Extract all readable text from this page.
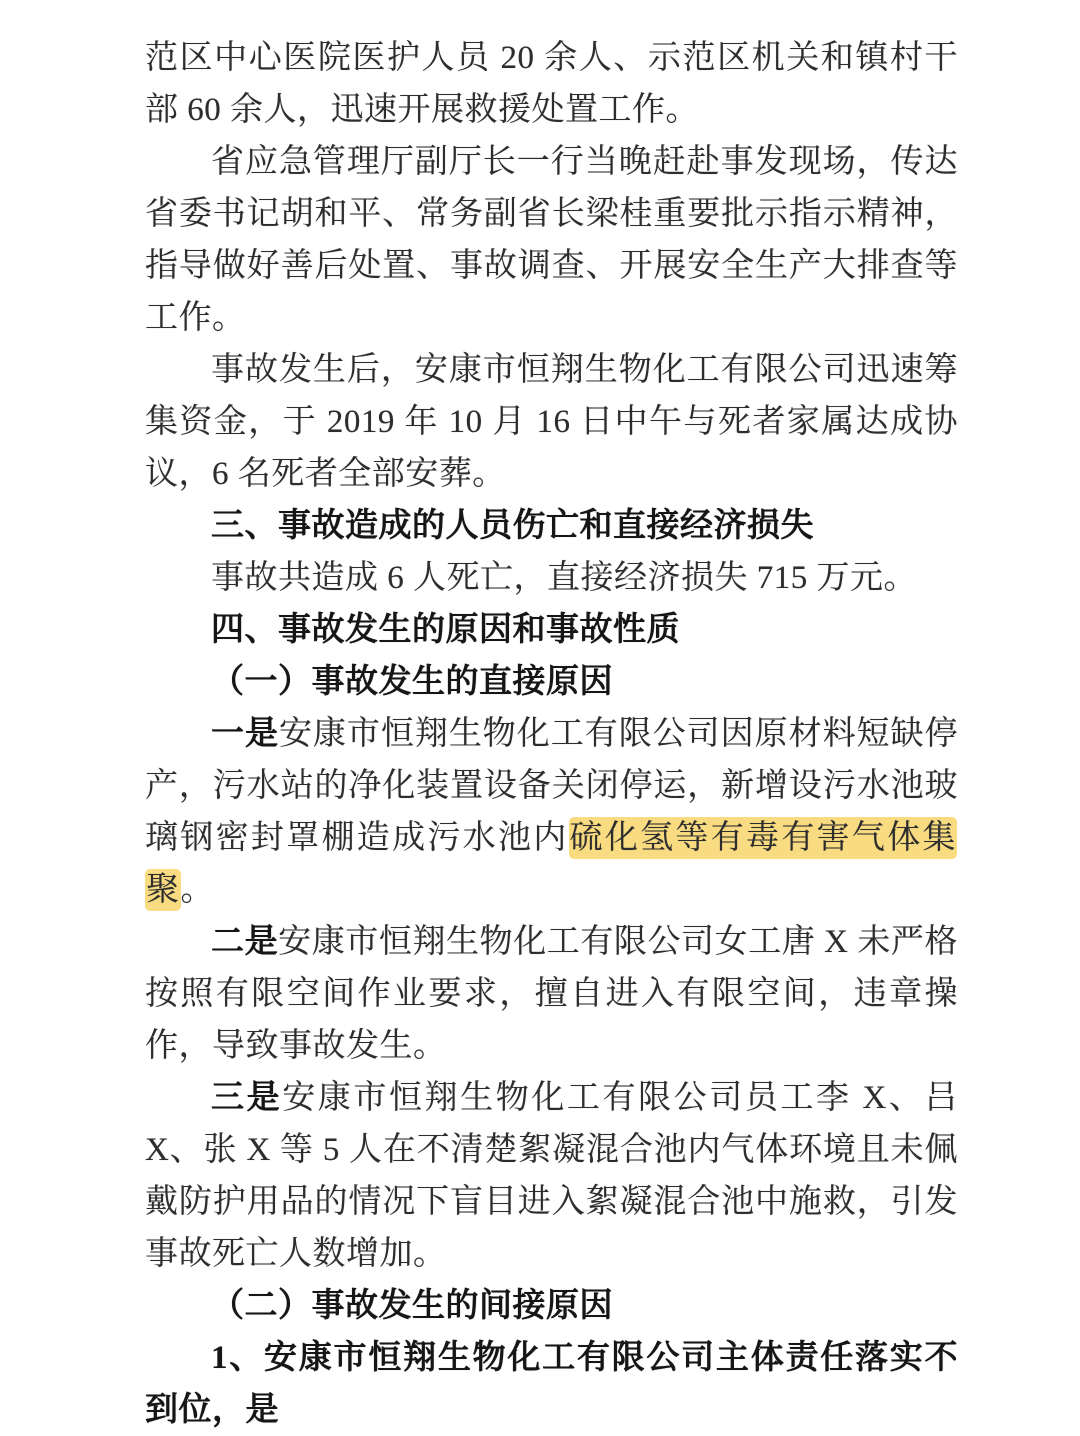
范区中心医院医护人员 20 余人、示范区机关和镇村干部 60 余人，迅速开展救援处置工作。

省应急管理厅副厅长一行当晚赶赴事发现场，传达省委书记胡和平、常务副省长梁桂重要批示指示精神，指导做好善后处置、事故调查、开展安全生产大排查等工作。

事故发生后，安康市恒翔生物化工有限公司迅速筹集资金，于 2019 年 10 月 16 日中午与死者家属达成协议，6 名死者全部安葬。

三、事故造成的人员伤亡和直接经济损失

事故共造成 6 人死亡，直接经济损失 715 万元。

四、事故发生的原因和事故性质

（一）事故发生的直接原因

一是安康市恒翔生物化工有限公司因原材料短缺停产，污水站的净化装置设备关闭停运，新增设污水池玻璃钢密封罩棚造成污水池内硫化氢等有毒有害气体集聚。

二是安康市恒翔生物化工有限公司女工唐 X 未严格按照有限空间作业要求，擅自进入有限空间，违章操作，导致事故发生。

三是安康市恒翔生物化工有限公司员工李 X、吕 X、张 X 等 5 人在不清楚絮凝混合池内气体环境且未佩戴防护用品的情况下盲目进入絮凝混合池中施救，引发事故死亡人数增加。

（二）事故发生的间接原因

1、安康市恒翔生物化工有限公司主体责任落实不到位，是
